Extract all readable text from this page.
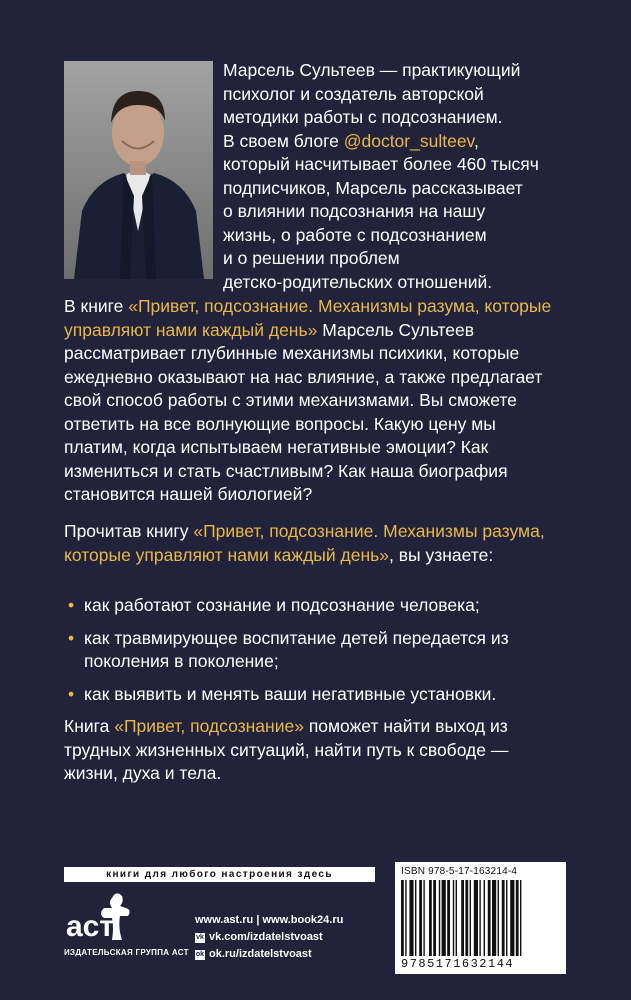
Марсель Сультеев — практикующий
психолог и создатель авторской
методики работы с подсознанием.
В своем блоге @doctor_sulteev,
который насчитывает более 460 тысяч
подписчиков, Марсель рассказывает
о влиянии подсознания на нашу
жизнь, о работе с подсознанием
и о решении проблем
детско-родительских отношений.
В книге «Привет, подсознание. Механизмы разума, которые управляют нами каждый день» Марсель Сультеев рассматривает глубинные механизмы психики, которые ежедневно оказывают на нас влияние, а также предлагает свой способ работы с этими механизмами. Вы сможете ответить на все волнующие вопросы. Какую цену мы платим, когда испытываем негативные эмоции? Как измениться и стать счастливым? Как наша биография становится нашей биологией?
Прочитав книгу «Привет, подсознание. Механизмы разума, которые управляют нами каждый день», вы узнаете:
• как работают сознание и подсознание человека;
• как травмирующее воспитание детей передается из поколения в поколение;
• как выявить и менять ваши негативные установки.
Книга «Привет, подсознание» поможет найти выход из трудных жизненных ситуаций, найти путь к свободе — жизни, духа и тела.
книги для любого настроения здесь
аст
ИЗДАТЕЛЬСКАЯ ГРУППА АСТ
www.ast.ru | www.book24.ru
vk vk.com/izdatelstvoast
ok ok.ru/izdatelstvoast
ISBN 978-5-17-163214-4
9785171632144
